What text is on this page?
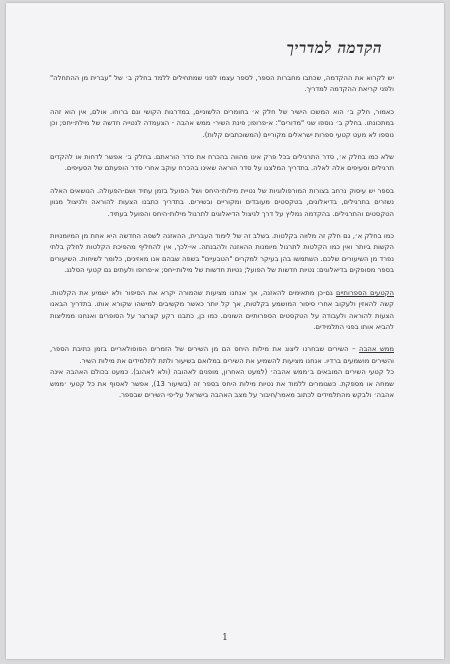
הקדמה למדריך

יש לקרוא את ההקדמה, שכתבו מחברות הספר, לספר עצמו לפני שמתחילים ללמד בחלק ב׳ של "עברית מן ההתחלה" ולפני קריאת ההקדמה למדריך.

כאמור, חלק ב׳ הוא המשכו הישיר של חלק א׳ בחומרים הלשוניים, במדרגות הקושי וגם ברוחו. אולם, אין הוא זהה במתכונתו. בחלק ב׳ נוספו שני "מדורים": א-פרופו; פינת השיר- ממש אהבה - הצעמדה לנטייה חדשה של מילת-יחס; וכן נוספו לא מעט קטעי ספרות ישראלים מקוריים (המשוכתבים קלות).

שלא כמו בחלק א׳, סדר התרגילים בכל פרק אינו מהווה בהכרח את סדר הוראתם. בחלק ב׳ אפשר לדחות או להקדים תרגילים וסעיפים אלה לאלה. בתדריך המלצנו על סדר הוראה שאינו בהכרח עוקב אחרי סדר הופעתם של הסעיפים.

בספר יש עיסוק נרחב בצורות המורפולוגיות של נטיית מילות-היחס ושל הפועל בזמן עתיד ושם-הפעולה. הנושאים האלה נשזרים בתרגילים, בדיאלוגים, בטקסטים מעובדים ומקוריים ובשירים. בתדריך כתבנו הצעות להוראה ולניצול מגוון הטקסטים והתרגילים. בהקדמה נמליץ על דרך לניצול הדיאלוגים לתרגול מילות-היחס והפועל בעתיד.

כמו בחלק א׳, גם חלק זה מלוּוה בקלטות. בשלב זה של לימוד העברית, ההאזנה לשפה החדשה היא אחת מן המיומנויות הקשות ביותר ואין כמו הקלטות לתרגול מיומנות ההאזנה ולהבנתה. אי-לכך, אין להחליף מהפיכת הקלטות לחלק בלתי נפרד מן השיעורים שלכם. השתמשו בהן בעיקר למקרים "הטבעיים" בשפה שבהם אנו מאזינים, כלומר לשיחות. השיעורים בספר מסופקים בדיאלוגים: נטיות חדשות של הפועל; נטיות חדשות של מילות-יחס; א-פרופו ולעתים גם קטעי הסלנג.

הקטעים הספרותיים גם-כן מתאימים להאזנה, אך אנחנו מציעות שהמורה יקרא את הסיפור ולא ישמיע את הקלטות. קשה להאזין ולעקוב אחרי סיפור המושמע בקלטות, אך קל יותר כאשר מקשיבים למישהו שקורא אותו. בתדריך הבאנו הצעות להוראה ולעבודה על הטקסטים הספרותיים השונים. כמו כן, כתבנו רקע קצרצר על הסופרים ואנחנו ממליצות להביא אותו בפני התלמידים.

ממש אהבה – השירים שבחרנו ליצוג את מילות היחס הם מן השירים של הזמרים הפופולאריים בזמן כתיבת הספר, והשירים מושמעים ברדיו. אנחנו מציעות להשמיע את השירים במלואם בשיעור ולתת לתלמידים את מילות השיר.

כל קטעי השירים המובאים ב׳ממש אהבה׳ (למעט האחרון, מופנים לאהובה (ולא לאהוב). כמעט בכולם האהבה אינה שמחה או מספקת. כשגומרים ללמוד את נטיות מילות היחס בספר זה (בשיעור 13), אפשר לאסוף את כל קטעי ׳ממש אהבה׳ ולבקש מהתלמידים לכתוב מאמר/חיבור על מצב האהבה בישראל על-פי השירים שבספר.

1
